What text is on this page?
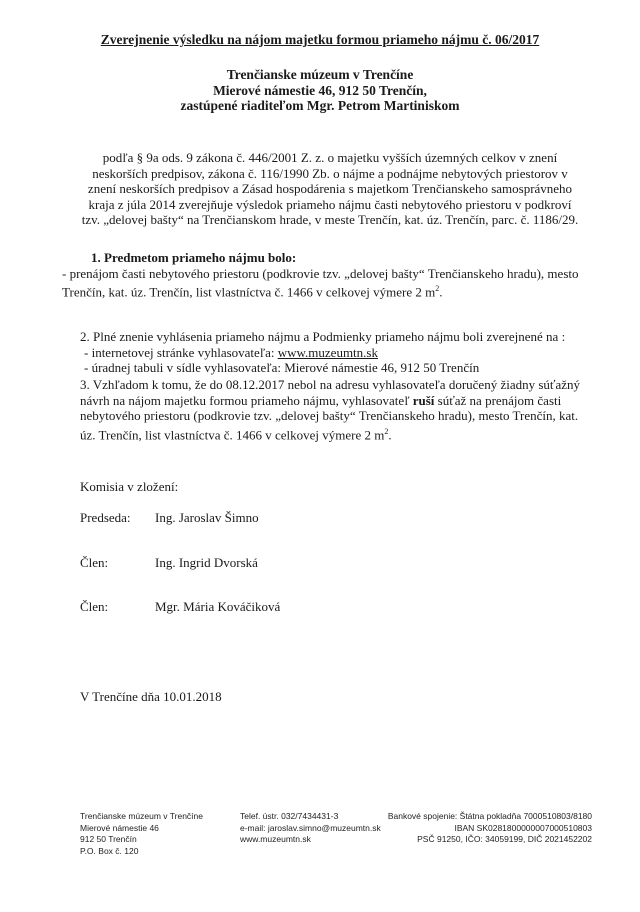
Zverejnenie výsledku na nájom majetku formou priameho nájmu č. 06/2017
Trenčianske múzeum v Trenčíne
Mierové námestie 46, 912 50 Trenčín,
zastúpené riaditeľom Mgr. Petrom Martiniskom
podľa § 9a ods. 9 zákona č. 446/2001 Z. z. o majetku vyšších územných celkov v znení neskorších predpisov, zákona č. 116/1990 Zb. o nájme a podnájme nebytových priestorov v znení neskorších predpisov a Zásad hospodárenia s majetkom Trenčianskeho samosprávneho kraja z júla 2014 zverejňuje výsledok priameho nájmu časti nebytového priestoru v podkroví tzv. „delovej bašty“ na Trenčianskom hrade, v meste Trenčín, kat. úz. Trenčín, parc. č. 1186/29.
1. Predmetom priameho nájmu bolo:
- prenájom časti nebytového priestoru (podkrovie tzv. „delovej bašty“ Trenčianskeho hradu), mesto Trenčín, kat. úz. Trenčín, list vlastníctva č. 1466 v celkovej výmere 2 $m^2$.
2. Plné znenie vyhlásenia priameho nájmu a Podmienky priameho nájmu boli zverejnené na :
- internetovej stránke vyhlasovateľa: www.muzeumtn.sk
- úradnej tabuli v sídle vyhlasovateľa: Mierové námestie 46, 912 50 Trenčín
3. Vzhľadom k tomu, že do 08.12.2017 nebol na adresu vyhlasovateľa doručený žiadny súťažný návrh na nájom majetku formou priameho nájmu, vyhlasovateľ ruší súťaž na prenájom časti nebytového priestoru (podkrovie tzv. „delovej bašty“ Trenčianskeho hradu), mesto Trenčín, kat. úz. Trenčín, list vlastníctva č. 1466 v celkovej výmere 2 $m^2$.
Komisia v zložení:
Predseda: Ing. Jaroslav Šimno
Člen:	Ing. Ingrid Dvorská
Člen:	Mgr. Mária Kováčiková
V Trenčíne dňa 10.01.2018
Trenčianske múzeum v Trenčíne
Mierové námestie 46
912 50 Trenčín
P.O. Box č. 120
Telef. ústr. 032/7434431-3
e-mail: jaroslav.simno@muzeumtn.sk
www.muzeumtn.sk
Bankové spojenie: Štátna pokladňa 7000510803/8180
IBAN SK0281800000007000510803
PSČ 91250, IČO: 34059199, DIČ 2021452202
